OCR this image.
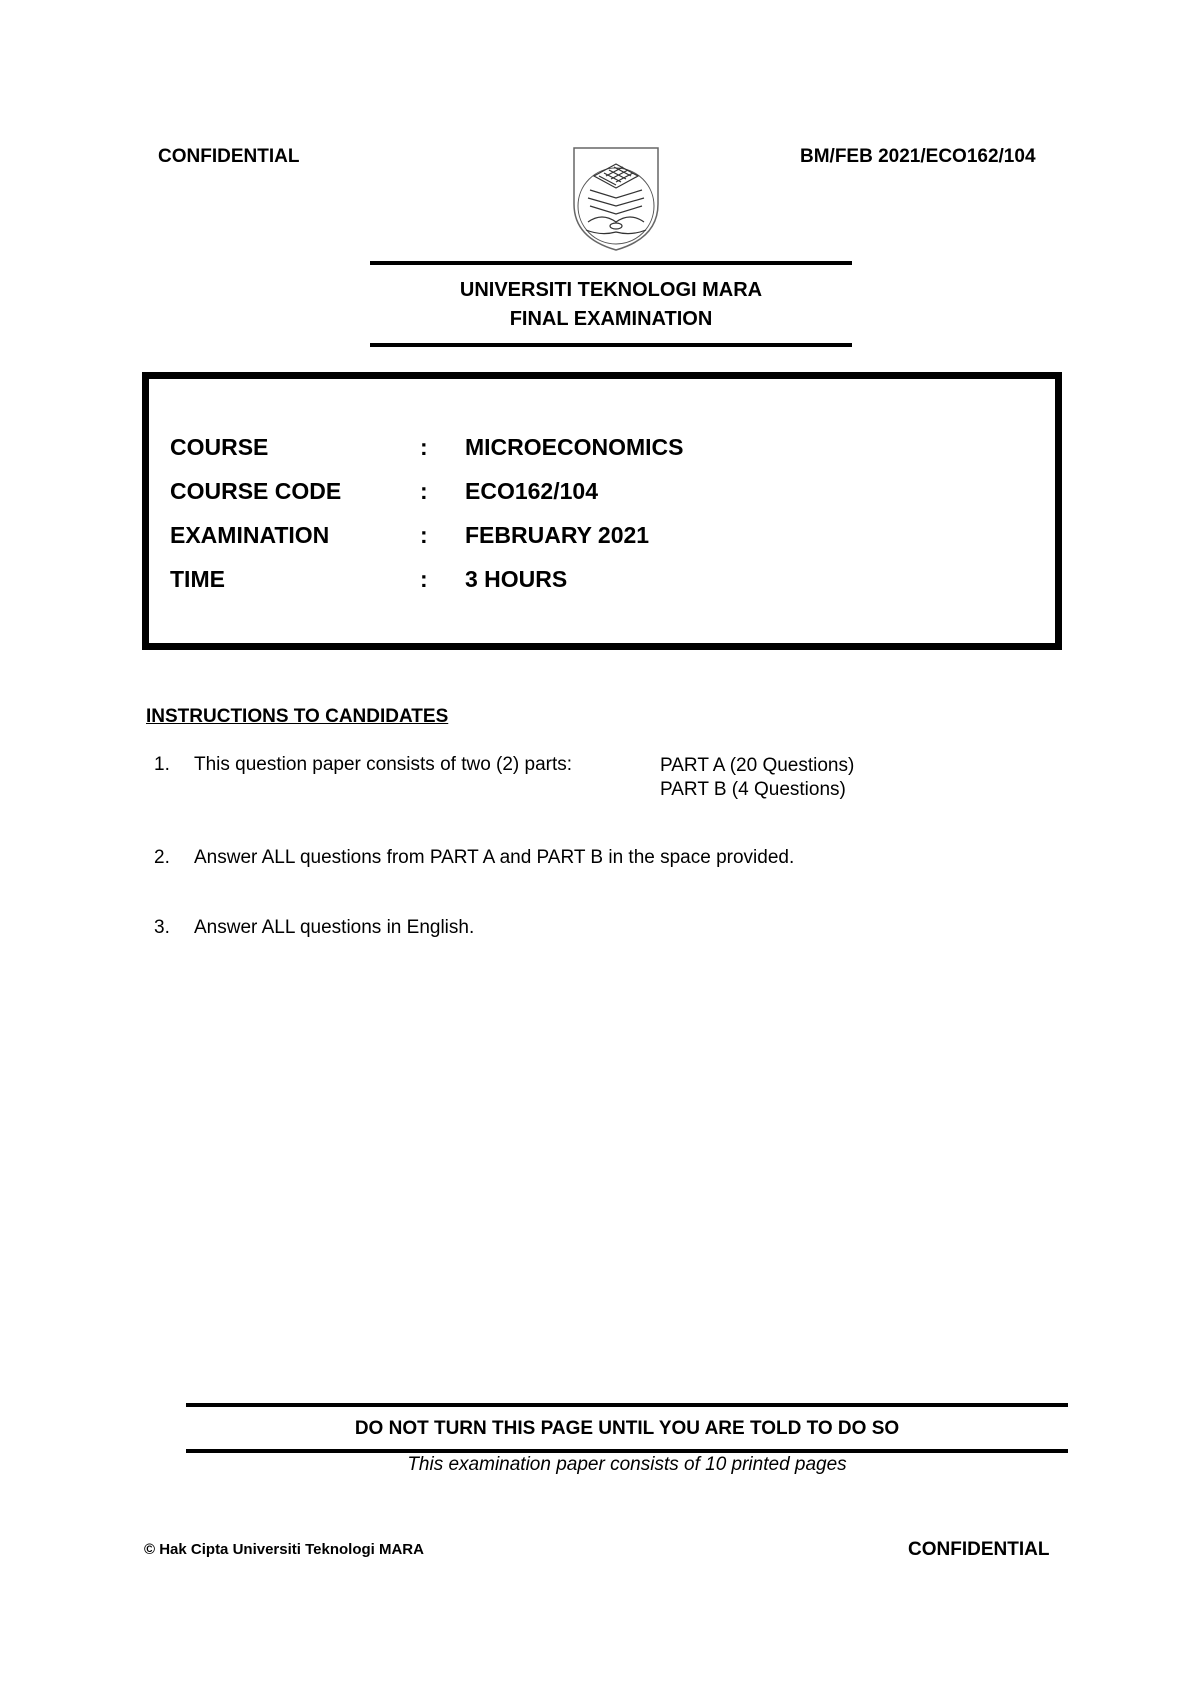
CONFIDENTIAL	BM/FEB 2021/ECO162/104
UNIVERSITI TEKNOLOGI MARA
FINAL EXAMINATION
COURSE	: MICROECONOMICS
COURSE CODE	: ECO162/104
EXAMINATION	: FEBRUARY 2021
TIME	: 3 HOURS
INSTRUCTIONS TO CANDIDATES
1. This question paper consists of two (2) parts:	PART A (20 Questions)
PART B (4 Questions)
2. Answer ALL questions from PART A and PART B in the space provided.
3. Answer ALL questions in English.
DO NOT TURN THIS PAGE UNTIL YOU ARE TOLD TO DO SO
This examination paper consists of 10 printed pages
© Hak Cipta Universiti Teknologi MARA	CONFIDENTIAL
